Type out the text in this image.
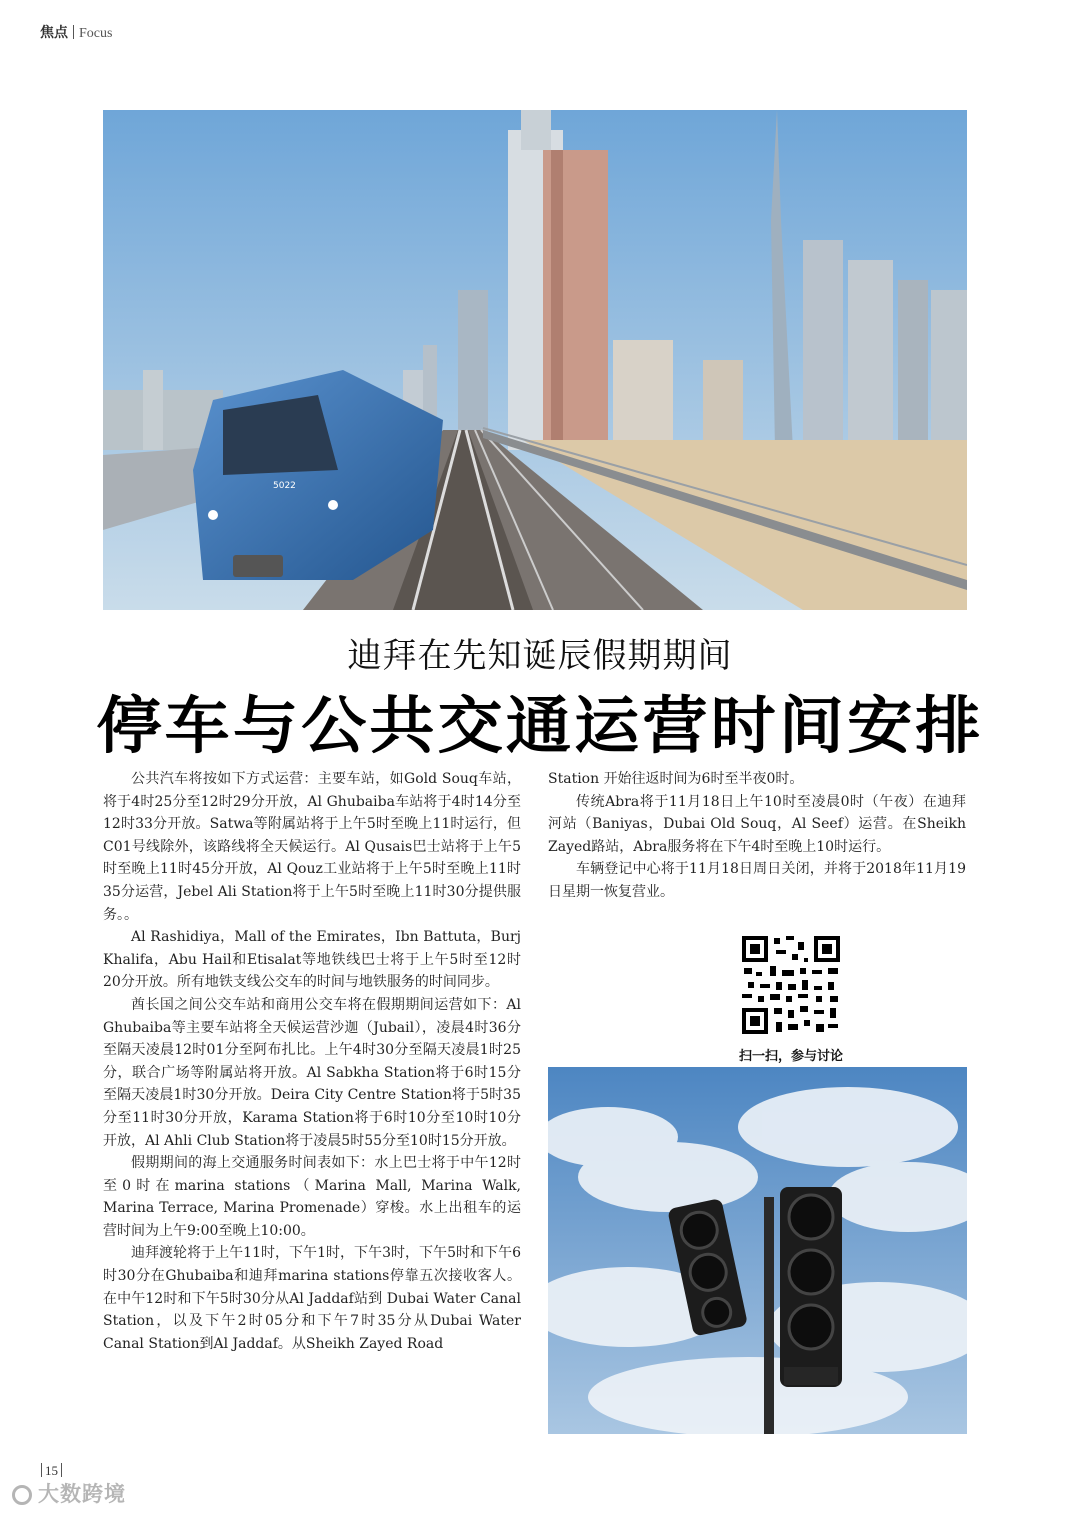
焦点 Focus
5022
迪拜在先知诞辰假期期间
停车与公共交通运营时间安排

公共汽车将按如下方式运营：主要车站，如Gold Souq车站，将于4时25分至12时29分开放，Al Ghubaiba车站将于4时14分至12时33分开放。Satwa等附属站将于上午5时至晚上11时运行，但C01号线除外，该路线将全天候运行。Al Qusais巴士站将于上午5时至晚上11时45分开放，Al Qouz工业站将于上午5时至晚上11时35分运营，Jebel Ali Station将于上午5时至晚上11时30分提供服务。。

Al Rashidiya，Mall of the Emirates，Ibn Battuta，Burj Khalifa，Abu Hail和Etisalat等地铁线巴士将于上午5时至12时20分开放。所有地铁支线公交车的时间与地铁服务的时间同步。

酋长国之间公交车站和商用公交车将在假期期间运营如下：Al Ghubaiba等主要车站将全天候运营沙迦（Jubail），凌晨4时36分至隔天凌晨12时01分至阿布扎比。上午4时30分至隔天凌晨1时25分，联合广场等附属站将开放。Al Sabkha Station将于6时15分至隔天凌晨1时30分开放。Deira City Centre Station将于5时35分至11时30分开放，Karama Station将于6时10分至10时10分开放，Al Ahli Club Station将于凌晨5时55分至10时15分开放。

假期期间的海上交通服务时间表如下：水上巴士将于中午12时至0时在marina stations（Marina Mall, Marina Walk, Marina Terrace, Marina Promenade）穿梭。水上出租车的运营时间为上午9:00至晚上10:00。

迪拜渡轮将于上午11时，下午1时，下午3时，下午5时和下午6时30分在Ghubaiba和迪拜marina stations停靠五次接收客人。在中午12时和下午5时30分从Al Jaddaf站到 Dubai Water Canal Station，以及下午2时05分和下午7时35分从Dubai Water Canal Station到Al Jaddaf。从Sheikh Zayed Road

Station 开始往返时间为6时至半夜0时。

传统Abra将于11月18日上午10时至凌晨0时（午夜）在迪拜河站（Baniyas，Dubai Old Souq，Al Seef）运营。在Sheikh Zayed路站，Abra服务将在下午4时至晚上10时运行。

车辆登记中心将于11月18日周日关闭，并将于2018年11月19日星期一恢复营业。

扫一扫，参与讨论
15
大数跨境
